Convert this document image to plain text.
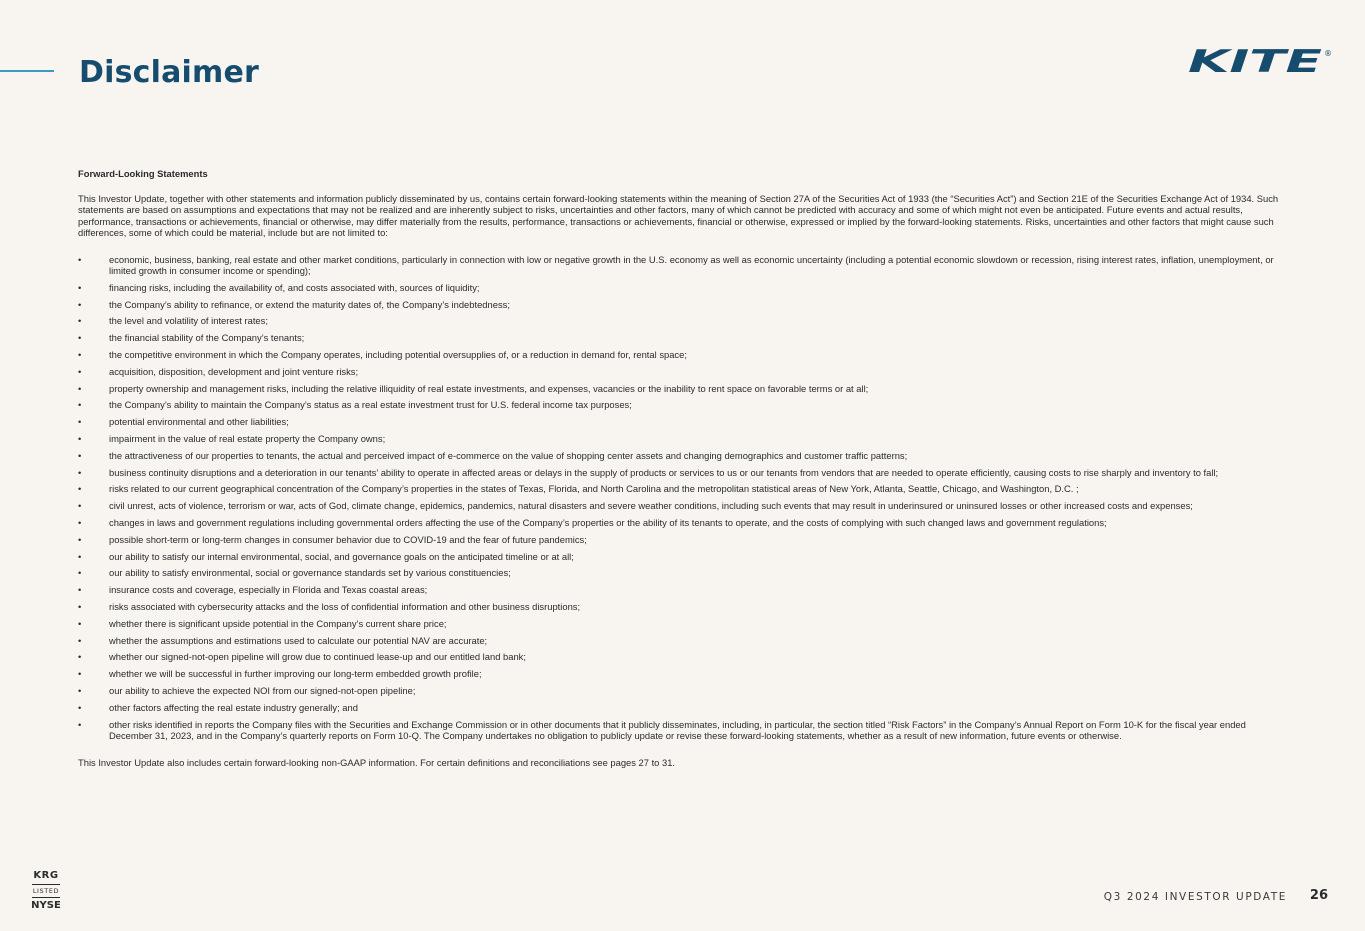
Disclaimer	KITE ®

Forward-Looking Statements

This Investor Update, together with other statements and information publicly disseminated by us, contains certain forward-looking statements within the meaning of Section 27A of the Securities Act of 1933 (the “Securities Act”) and Section 21E of the Securities Exchange Act of 1934. Such statements are based on assumptions and expectations that may not be realized and are inherently subject to risks, uncertainties and other factors, many of which cannot be predicted with accuracy and some of which might not even be anticipated. Future events and actual results, performance, transactions or achievements, financial or otherwise, may differ materially from the results, performance, transactions or achievements, financial or otherwise, expressed or implied by the forward-looking statements. Risks, uncertainties and other factors that might cause such differences, some of which could be material, include but are not limited to:

• economic, business, banking, real estate and other market conditions, particularly in connection with low or negative growth in the U.S. economy as well as economic uncertainty (including a potential economic slowdown or recession, rising interest rates, inflation, unemployment, or limited growth in consumer income or spending);
• financing risks, including the availability of, and costs associated with, sources of liquidity;
• the Company’s ability to refinance, or extend the maturity dates of, the Company’s indebtedness;
• the level and volatility of interest rates;
• the financial stability of the Company’s tenants;
• the competitive environment in which the Company operates, including potential oversupplies of, or a reduction in demand for, rental space;
• acquisition, disposition, development and joint venture risks;
• property ownership and management risks, including the relative illiquidity of real estate investments, and expenses, vacancies or the inability to rent space on favorable terms or at all;
• the Company’s ability to maintain the Company’s status as a real estate investment trust for U.S. federal income tax purposes;
• potential environmental and other liabilities;
• impairment in the value of real estate property the Company owns;
• the attractiveness of our properties to tenants, the actual and perceived impact of e-commerce on the value of shopping center assets and changing demographics and customer traffic patterns;
• business continuity disruptions and a deterioration in our tenants’ ability to operate in affected areas or delays in the supply of products or services to us or our tenants from vendors that are needed to operate efficiently, causing costs to rise sharply and inventory to fall;
• risks related to our current geographical concentration of the Company’s properties in the states of Texas, Florida, and North Carolina and the metropolitan statistical areas of New York, Atlanta, Seattle, Chicago, and Washington, D.C. ;
• civil unrest, acts of violence, terrorism or war, acts of God, climate change, epidemics, pandemics, natural disasters and severe weather conditions, including such events that may result in underinsured or uninsured losses or other increased costs and expenses;
• changes in laws and government regulations including governmental orders affecting the use of the Company’s properties or the ability of its tenants to operate, and the costs of complying with such changed laws and government regulations;
• possible short-term or long-term changes in consumer behavior due to COVID-19 and the fear of future pandemics;
• our ability to satisfy our internal environmental, social, and governance goals on the anticipated timeline or at all;
• our ability to satisfy environmental, social or governance standards set by various constituencies;
• insurance costs and coverage, especially in Florida and Texas coastal areas;
• risks associated with cybersecurity attacks and the loss of confidential information and other business disruptions;
• whether there is significant upside potential in the Company’s current share price;
• whether the assumptions and estimations used to calculate our potential NAV are accurate;
• whether our signed-not-open pipeline will grow due to continued lease-up and our entitled land bank;
• whether we will be successful in further improving our long-term embedded growth profile;
• our ability to achieve the expected NOI from our signed-not-open pipeline;
• other factors affecting the real estate industry generally; and
• other risks identified in reports the Company files with the Securities and Exchange Commission or in other documents that it publicly disseminates, including, in particular, the section titled “Risk Factors” in the Company’s Annual Report on Form 10-K for the fiscal year ended December 31, 2023, and in the Company’s quarterly reports on Form 10-Q. The Company undertakes no obligation to publicly update or revise these forward-looking statements, whether as a result of new information, future events or otherwise.

This Investor Update also includes certain forward-looking non-GAAP information. For certain definitions and reconciliations see pages 27 to 31.

KRG
LISTED
NYSE
Q3 2024 INVESTOR UPDATE 26
